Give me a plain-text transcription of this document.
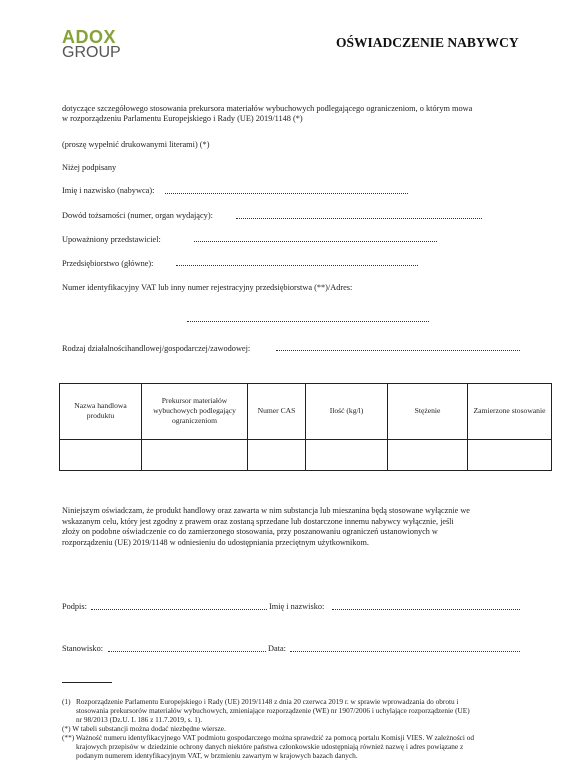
ADOX
GROUP
OŚWIADCZENIE NABYWCY
dotyczące szczegółowego stosowania prekursora materiałów wybuchowych podlegającego ograniczeniom, o którym mowa
w rozporządzeniu Parlamentu Europejskiego i Rady (UE) 2019/1148 (*)
(proszę wypełnić drukowanymi literami) (*)
Niżej podpisany
Imię i nazwisko (nabywca):
Dowód tożsamości (numer, organ wydający):
Upoważniony przedstawiciel:
Przedsiębiorstwo (główne):
Numer identyfikacyjny VAT lub inny numer rejestracyjny przedsiębiorstwa (**)/Adres:
Rodzaj działalnościhandlowej/gospodarczej/zawodowej:
Nazwa handlowa produktu	Prekursor materiałów wybuchowych podlegający ograniczeniom	Numer CAS	Ilość (kg/l)	Stężenie	Zamierzone stosowanie

Niniejszym oświadczam, że produkt handlowy oraz zawarta w nim substancja lub mieszanina będą stosowane wyłącznie we
wskazanym celu, który jest zgodny z prawem oraz zostaną sprzedane lub dostarczone innemu nabywcy wyłącznie, jeśli
złoży on podobne oświadczenie co do zamierzonego stosowania, przy poszanowaniu ograniczeń ustanowionych w
rozporządzeniu (UE) 2019/1148 w odniesieniu do udostępniania przeciętnym użytkownikom.
Podpis:	Imię i nazwisko:
Stanowisko:	Data:
(1) Rozporządzenie Parlamentu Europejskiego i Rady (UE) 2019/1148 z dnia 20 czerwca 2019 r. w sprawie wprowadzania do obrotu i
stosowania prekursorów materiałów wybuchowych, zmieniające rozporządzenie (WE) nr 1907/2006 i uchylające rozporządzenie (UE)
nr 98/2013 (Dz.U. L 186 z 11.7.2019, s. 1).
(*) W tabeli substancji można dodać niezbędne wiersze.
(**) Ważność numeru identyfikacyjnego VAT podmiotu gospodarczego można sprawdzić za pomocą portalu Komisji VIES. W zależności od
krajowych przepisów w dziedzinie ochrony danych niektóre państwa członkowskie udostępniają również nazwę i adres powiązane z
podanym numerem identyfikacyjnym VAT, w brzmieniu zawartym w krajowych bazach danych.
